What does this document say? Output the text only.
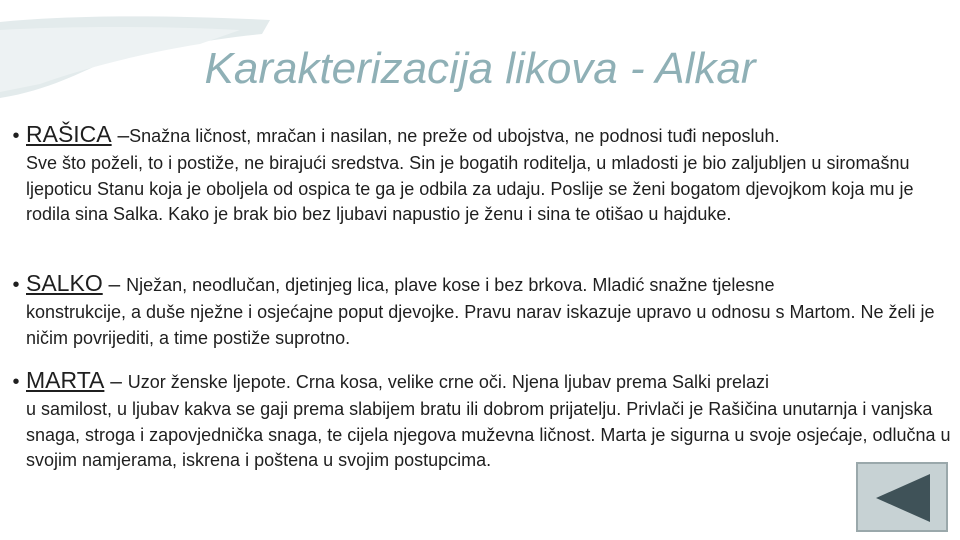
Karakterizacija likova - Alkar
• RAŠICA –Snažna ličnost, mračan i nasilan, ne preže od ubojstva, ne podnosi tuđi neposluh.
Sve što poželi, to i postiže, ne birajući sredstva. Sin je bogatih roditelja, u mladosti je bio zaljubljen u siromašnu ljepoticu Stanu koja je oboljela od ospica te ga je odbila za udaju. Poslije se ženi bogatom djevojkom koja mu je rodila sina Salka. Kako je brak bio bez ljubavi napustio je ženu i sina te otišao u hajduke.
• SALKO – Nježan, neodlučan, djetinjeg lica, plave kose i bez brkova. Mladić snažne tjelesne
konstrukcije, a duše nježne i osjećajne poput djevojke. Pravu narav iskazuje upravo u odnosu s Martom. Ne želi je ničim povrijediti, a time postiže suprotno.
• MARTA – Uzor ženske ljepote. Crna kosa, velike crne oči. Njena ljubav prema Salki prelazi
u samilost, u ljubav kakva se gaji prema slabijem bratu ili dobrom prijatelju. Privlači je Rašičina unutarnja i vanjska snaga, stroga i zapovjednička snaga, te cijela njegova muževna ličnost. Marta je sigurna u svoje osjećaje, odlučna u svojim namjerama, iskrena i poštena u svojim postupcima.
